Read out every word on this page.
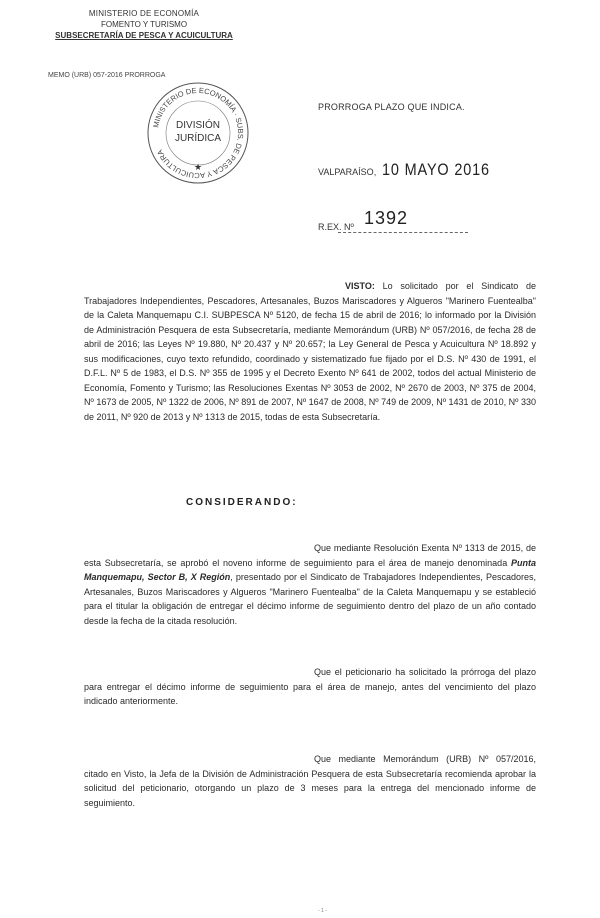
MINISTERIO DE ECONOMÍA
FOMENTO Y TURISMO
SUBSECRETARÍA DE PESCA Y ACUICULTURA
MEMO (URB) 057-2016 PRORROGA
MINISTERIO DE ECONOMÍA · SUBS. DE PESCA Y ACUICULTURA
DIVISIÓN
JURÍDICA
★
PRORROGA PLAZO QUE INDICA.
VALPARAÍSO, 10 MAYO 2016
R.EX. Nº 1392
VISTO: Lo solicitado por el Sindicato de Trabajadores Independientes, Pescadores, Artesanales, Buzos Mariscadores y Algueros "Marinero Fuentealba" de la Caleta Manquemapu C.I. SUBPESCA Nº 5120, de fecha 15 de abril de 2016; lo informado por la División de Administración Pesquera de esta Subsecretaría, mediante Memorándum (URB) Nº 057/2016, de fecha 28 de abril de 2016; las Leyes Nº 19.880, Nº 20.437 y Nº 20.657; la Ley General de Pesca y Acuicultura Nº 18.892 y sus modificaciones, cuyo texto refundido, coordinado y sistematizado fue fijado por el D.S. Nº 430 de 1991, el D.F.L. Nº 5 de 1983, el D.S. Nº 355 de 1995 y el Decreto Exento Nº 641 de 2002, todos del actual Ministerio de Economía, Fomento y Turismo; las Resoluciones Exentas Nº 3053 de 2002, Nº 2670 de 2003, Nº 375 de 2004, Nº 1673 de 2005, Nº 1322 de 2006, Nº 891 de 2007, Nº 1647 de 2008, Nº 749 de 2009, Nº 1431 de 2010, Nº 330 de 2011, Nº 920 de 2013 y Nº 1313 de 2015, todas de esta Subsecretaría.
CONSIDERANDO:
Que mediante Resolución Exenta Nº 1313 de 2015, de esta Subsecretaría, se aprobó el noveno informe de seguimiento para el área de manejo denominada Punta Manquemapu, Sector B, X Región, presentado por el Sindicato de Trabajadores Independientes, Pescadores, Artesanales, Buzos Mariscadores y Algueros "Marinero Fuentealba" de la Caleta Manquemapu y se estableció para el titular la obligación de entregar el décimo informe de seguimiento dentro del plazo de un año contado desde la fecha de la citada resolución.
Que el peticionario ha solicitado la prórroga del plazo para entregar el décimo informe de seguimiento para el área de manejo, antes del vencimiento del plazo indicado anteriormente.
Que mediante Memorándum (URB) Nº 057/2016, citado en Visto, la Jefa de la División de Administración Pesquera de esta Subsecretaría recomienda aprobar la solicitud del peticionario, otorgando un plazo de 3 meses para la entrega del mencionado informe de seguimiento.
- 1 -
